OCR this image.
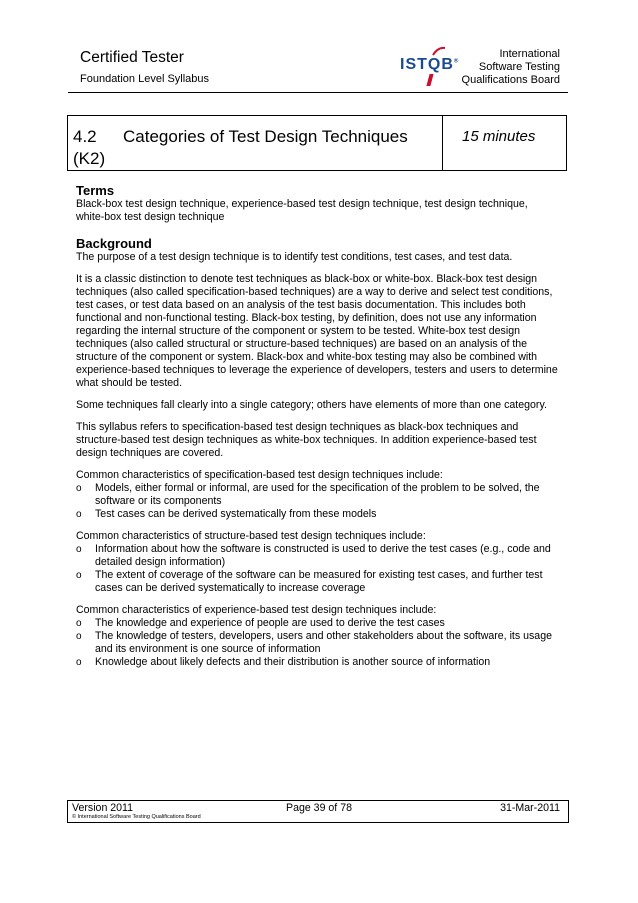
Certified Tester
Foundation Level Syllabus
ISTQB®
International
Software Testing
Qualifications Board
4.2 Categories of Test Design Techniques
(K2)
15 minutes
Terms

Black-box test design technique, experience-based test design technique, test design technique, white-box test design technique

Background

The purpose of a test design technique is to identify test conditions, test cases, and test data.

It is a classic distinction to denote test techniques as black-box or white-box. Black-box test design techniques (also called specification-based techniques) are a way to derive and select test conditions, test cases, or test data based on an analysis of the test basis documentation. This includes both functional and non-functional testing. Black-box testing, by definition, does not use any information regarding the internal structure of the component or system to be tested. White-box test design techniques (also called structural or structure-based techniques) are based on an analysis of the structure of the component or system. Black-box and white-box testing may also be combined with experience-based techniques to leverage the experience of developers, testers and users to determine what should be tested.

Some techniques fall clearly into a single category; others have elements of more than one category.

This syllabus refers to specification-based test design techniques as black-box techniques and structure-based test design techniques as white-box techniques. In addition experience-based test design techniques are covered.

Common characteristics of specification-based test design techniques include:

o Models, either formal or informal, are used for the specification of the problem to be solved, the software or its components
o Test cases can be derived systematically from these models

Common characteristics of structure-based test design techniques include:

o Information about how the software is constructed is used to derive the test cases (e.g., code and detailed design information)
o The extent of coverage of the software can be measured for existing test cases, and further test cases can be derived systematically to increase coverage

Common characteristics of experience-based test design techniques include:

o The knowledge and experience of people are used to derive the test cases
o The knowledge of testers, developers, users and other stakeholders about the software, its usage and its environment is one source of information
o Knowledge about likely defects and their distribution is another source of information
Version 2011	Page 39 of 78	31-Mar-2011
© International Software Testing Qualifications Board
